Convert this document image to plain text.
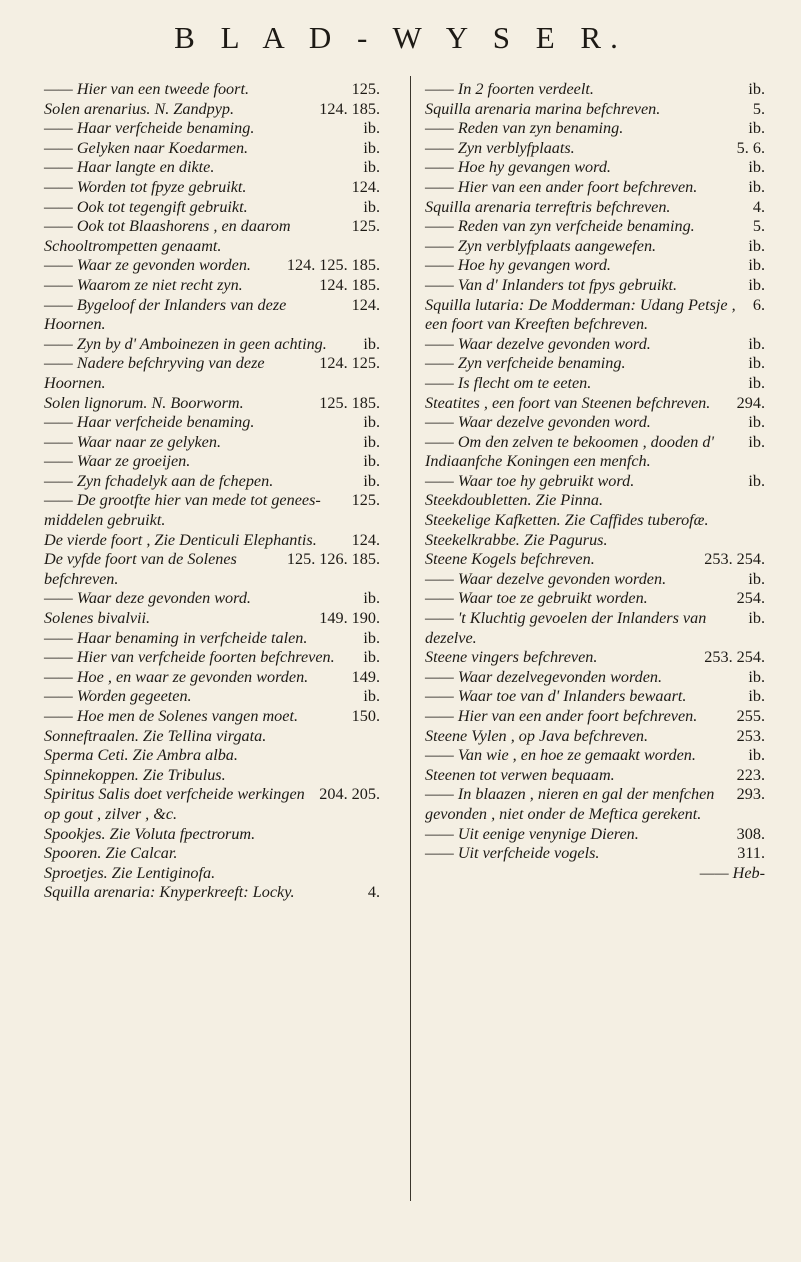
B L A D - W Y S E R.
125.
—— Hier van een tweede foort.
124. 185.
Solen arenarius. N. Zandpyp.
ib.
—— Haar verfcheide benaming.
ib.
—— Gelyken naar Koedarmen.
ib.
—— Haar langte en dikte.
124.
—— Worden tot fpyze gebruikt.
ib.
—— Ook tot tegengift gebruikt.
125.
—— Ook tot Blaashorens , en daarom Schooltrompetten genaamt.
124. 125. 185.
—— Waar ze gevonden worden.
124. 185.
—— Waarom ze niet recht zyn.
124.
—— Bygeloof der Inlanders van deze Hoornen.
ib.
—— Zyn by d' Amboinezen in geen achting.
124. 125.
—— Nadere befchryving van deze Hoornen.
125. 185.
Solen lignorum. N. Boorworm.
ib.
—— Haar verfcheide benaming.
ib.
—— Waar naar ze gelyken.
ib.
—— Waar ze groeijen.
ib.
—— Zyn fchadelyk aan de fchepen.
125.
—— De grootfte hier van mede tot genees-middelen gebruikt.
124.
De vierde foort , Zie Denticuli Elephantis.
125. 126. 185.
De vyfde foort van de Solenes befchreven.
ib.
—— Waar deze gevonden word.
149. 190.
Solenes bivalvii.
ib.
—— Haar benaming in verfcheide talen.
ib.
—— Hier van verfcheide foorten befchreven.
149.
—— Hoe , en waar ze gevonden worden.
ib.
—— Worden gegeeten.
150.
—— Hoe men de Solenes vangen moet.
Sonneftraalen. Zie Tellina virgata.
Sperma Ceti. Zie Ambra alba.
Spinnekoppen. Zie Tribulus.
204. 205.
Spiritus Salis doet verfcheide werkingen op gout , zilver , &c.
Spookjes. Zie Voluta fpectrorum.
Spooren. Zie Calcar.
Sproetjes. Zie Lentiginofa.
4.
Squilla arenaria: Knyperkreeft: Locky.
ib.
—— In 2 foorten verdeelt.
5.
Squilla arenaria marina befchreven.
ib.
—— Reden van zyn benaming.
5. 6.
—— Zyn verblyfplaats.
ib.
—— Hoe hy gevangen word.
ib.
—— Hier van een ander foort befchreven.
4.
Squilla arenaria terreftris befchreven.
5.
—— Reden van zyn verfcheide benaming.
ib.
—— Zyn verblyfplaats aangewefen.
ib.
—— Hoe hy gevangen word.
ib.
—— Van d' Inlanders tot fpys gebruikt.
6.
Squilla lutaria: De Modderman: Udang Petsje , een foort van Kreeften befchreven.
ib.
—— Waar dezelve gevonden word.
ib.
—— Zyn verfcheide benaming.
ib.
—— Is flecht om te eeten.
294.
Steatites , een foort van Steenen befchreven.
ib.
—— Waar dezelve gevonden word.
ib.
—— Om den zelven te bekoomen , dooden d' Indiaanfche Koningen een menfch.
ib.
—— Waar toe hy gebruikt word.
Steekdoubletten. Zie Pinna.
Steekelige Kafketten. Zie Caffides tuberofæ.
Steekelkrabbe. Zie Pagurus.
253. 254.
Steene Kogels befchreven.
ib.
—— Waar dezelve gevonden worden.
254.
—— Waar toe ze gebruikt worden.
ib.
—— 't Kluchtig gevoelen der Inlanders van dezelve.
253. 254.
Steene vingers befchreven.
ib.
—— Waar dezelvegevonden worden.
ib.
—— Waar toe van d' Inlanders bewaart.
255.
—— Hier van een ander foort befchreven.
253.
Steene Vylen , op Java befchreven.
ib.
—— Van wie , en hoe ze gemaakt worden.
223.
Steenen tot verwen bequaam.
293.
—— In blaazen , nieren en gal der menfchen gevonden , niet onder de Meftica gerekent.
308.
—— Uit eenige venynige Dieren.
311.
—— Uit verfcheide vogels.
—— Heb-
